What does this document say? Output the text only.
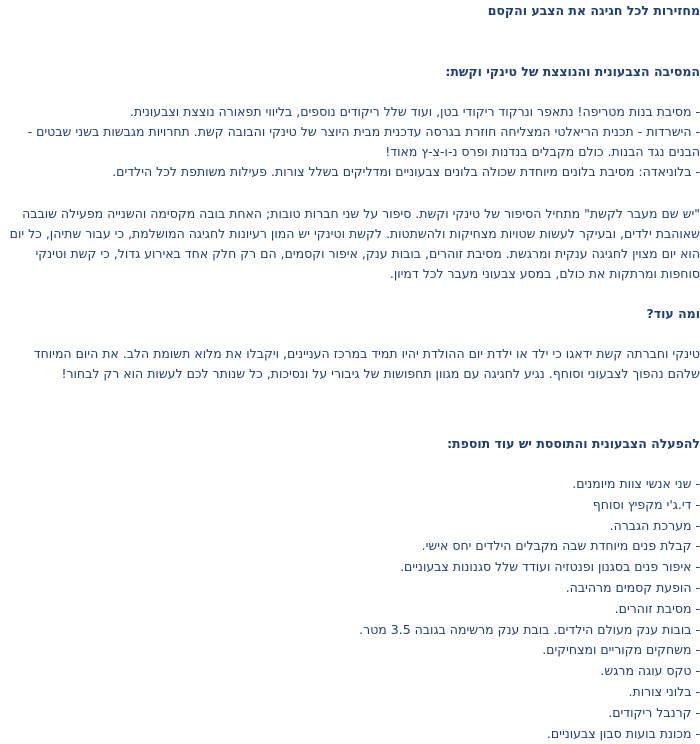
מחזירות לכל חגיגה את הצבע והקסם
המסיבה הצבעונית והנוצצת של טינקי וקשת:
- מסיבת בנות מטריפה! נתאפר ונרקוד ריקודי בטן, ועוד שלל ריקודים נוספים, בליווי תפאורה נוצצת וצבעונית.
- הישרדות - תכנית הריאלטי המצליחה חוזרת בגרסה עדכנית מבית היוצר של טינקי והבובה קשת. תחרויות מגבשות בשני שבטים - הבנים נגד הבנות. כולם מקבלים בנדנות ופרס נ-ו-צ-ץ מאוד!
- בלוניאדה: מסיבת בלונים מיוחדת שכולה בלונים צבעוניים ומדליקים בשלל צורות. פעילות משותפת לכל הילדים.
"יש שם מעבר לקשת" מתחיל הסיפור של טינקי וקשת. סיפור על שני חברות טובות; האחת בובה מקסימה והשנייה מפעילה שובבה שאוהבת ילדים, ובעיקר לעשות שטויות מצחיקות ולהשתטות. לקשת וטינקי יש המון רעיונות לחגיגה המושלמת, כי עבור שתיהן, כל יום הוא יום מצוין לחגיגה ענקית ומרגשת. מסיבת זוהרים, בובות ענק, איפור וקסמים, הם רק חלק אחד באירוע גדול, כי קשת וטינקי סוחפות ומרתקות את כולם, במסע צבעוני מעבר לכל דמיון.
ומה עוד?
טינקי וחברתה קשת ידאגו כי ילד או ילדת יום ההולדת יהיו תמיד במרכז העניינים, ויקבלו את מלוא תשומת הלב. את היום המיוחד שלהם נהפוך לצבעוני וסוחף. נגיע לחגיגה עם מגוון תחפושות של גיבורי על ונסיכות, כל שנותר לכם לעשות הוא רק לבחור!
להפעלה הצבעונית והתוססת יש עוד תוספת:
- שני אנשי צוות מיומנים.
- די.ג'י מקפיץ וסוחף
- מערכת הגברה.
- קבלת פנים מיוחדת שבה מקבלים הילדים יחס אישי.
- איפור פנים בסגנון ופנטזיה ועודד שלל סגנונות צבעוניים.
- הופעת קסמים מרהיבה.
- מסיבת זוהרים.
- בובות ענק מעולם הילדים. בובת ענק מרשימה בגובה 3.5 מטר.
- משחקים מקוריים ומצחיקים.
- טקס עוגה מרגש.
- בלוני צורות.
- קרנבל ריקודים.
- מכונת בועות סבון צבעוניים.
